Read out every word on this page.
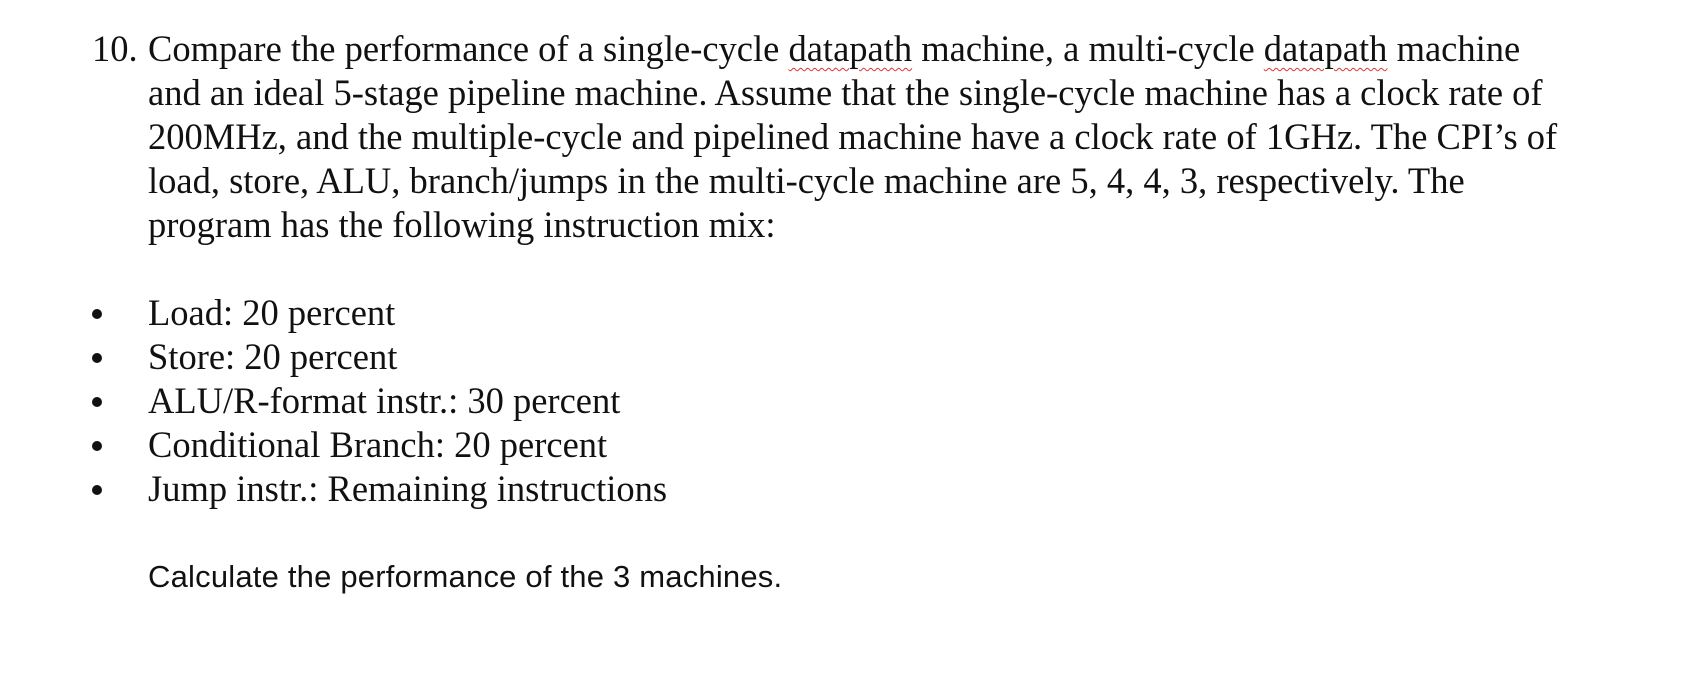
10. Compare the performance of a single-cycle datapath machine, a multi-cycle datapath machine
and an ideal 5-stage pipeline machine. Assume that the single-cycle machine has a clock rate of
200MHz, and the multiple-cycle and pipelined machine have a clock rate of 1GHz. The CPI’s of
load, store, ALU, branch/jumps in the multi-cycle machine are 5, 4, 4, 3, respectively. The
program has the following instruction mix:
Load: 20 percent
Store: 20 percent
ALU/R-format instr.: 30 percent
Conditional Branch: 20 percent
Jump instr.: Remaining instructions
Calculate the performance of the 3 machines.
